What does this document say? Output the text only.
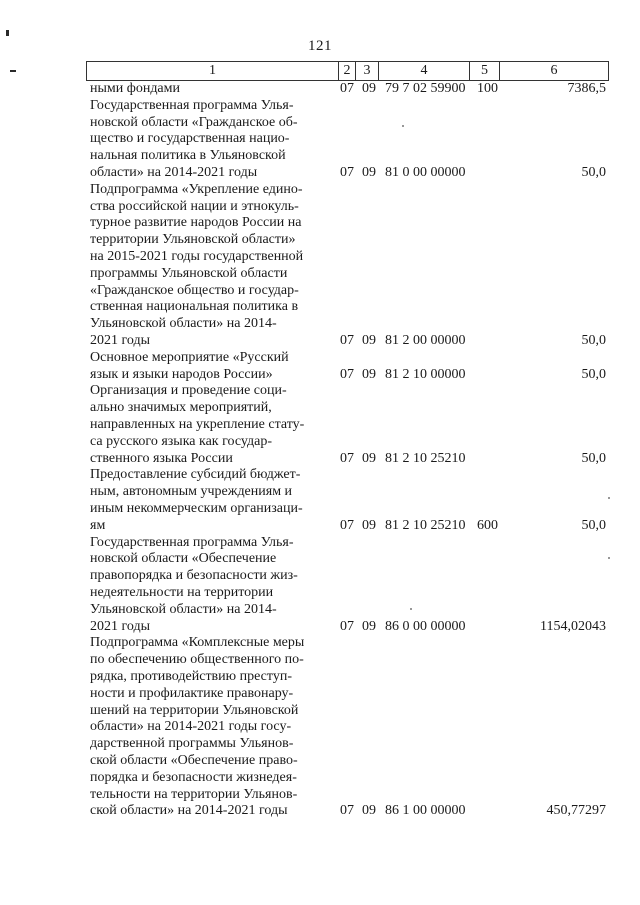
121
1	2 3	4	5	6
ными фондами	07 09 79 7 02 59900 100	7386,5
Государственная программа Улья-
новской области «Гражданское об-
щество и государственная нацио-
нальная политика в Ульяновской
области» на 2014-2021 годы	07 09 81 0 00 00000	50,0
Подпрограмма «Укрепление едино-
ства российской нации и этнокуль-
турное развитие народов России на
территории Ульяновской области»
на 2015-2021 годы государственной
программы Ульяновской области
«Гражданское общество и государ-
ственная национальная политика в
Ульяновской области» на 2014-
2021 годы	07 09 81 2 00 00000	50,0
Основное мероприятие «Русский
язык и языки народов России»	07 09 81 2 10 00000	50,0
Организация и проведение соци-
ально значимых мероприятий,
направленных на укрепление стату-
са русского языка как государ-
ственного языка России	07 09 81 2 10 25210	50,0
Предоставление субсидий бюджет-
ным, автономным учреждениям и
иным некоммерческим организаци-
ям	07 09 81 2 10 25210 600	50,0
Государственная программа Улья-
новской области «Обеспечение
правопорядка и безопасности жиз-
недеятельности на территории
Ульяновской области» на 2014-
2021 годы	07 09 86 0 00 00000	1154,02043
Подпрограмма «Комплексные меры
по обеспечению общественного по-
рядка, противодействию преступ-
ности и профилактике правонару-
шений на территории Ульяновской
области» на 2014-2021 годы госу-
дарственной программы Ульянов-
ской области «Обеспечение право-
порядка и безопасности жизнедея-
тельности на территории Ульянов-
ской области» на 2014-2021 годы	07 09 86 1 00 00000	450,77297
